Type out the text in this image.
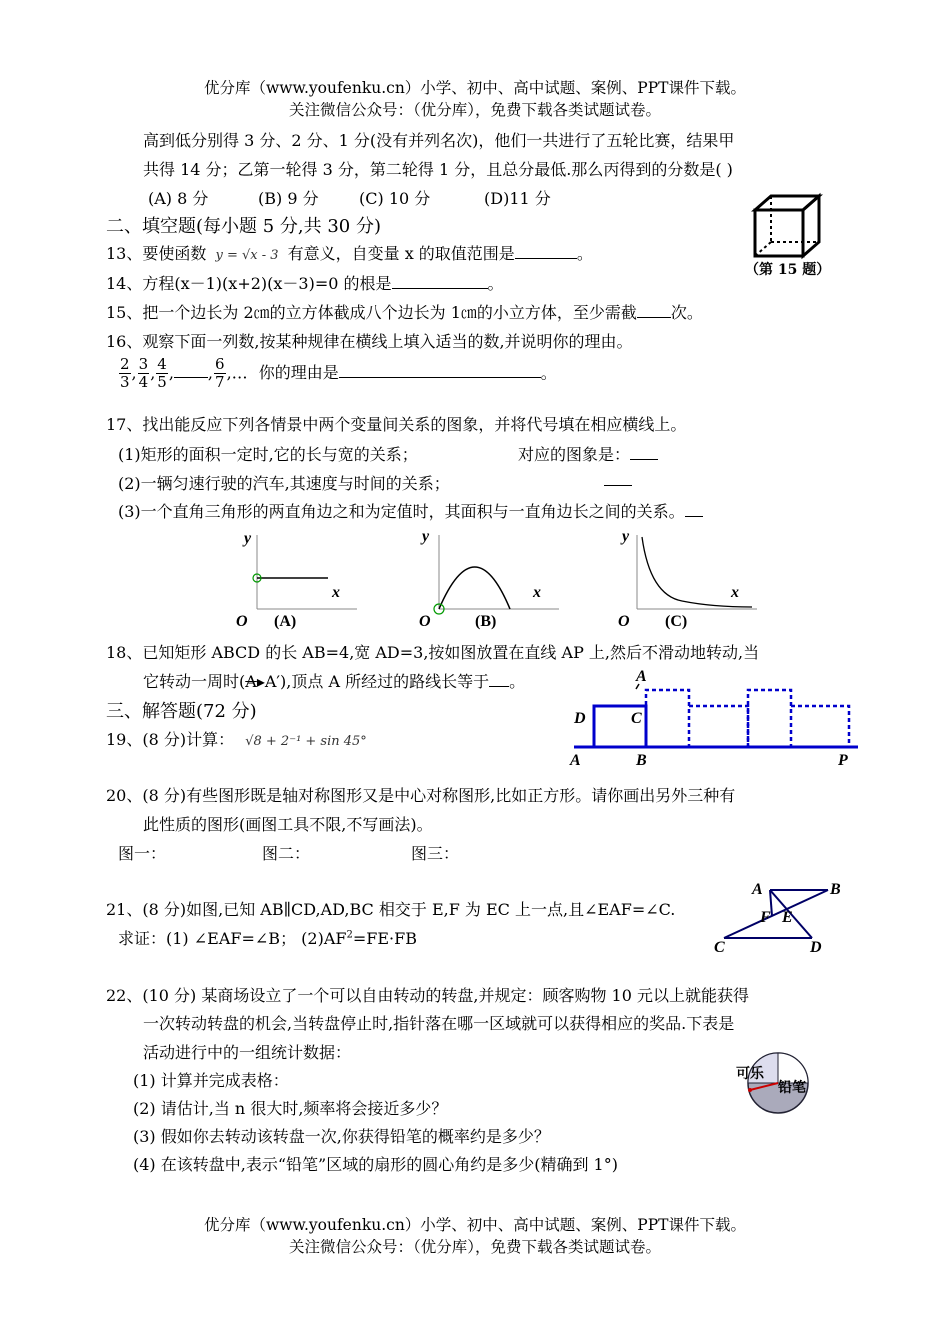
优分库（www.youfenku.cn）小学、初中、高中试题、案例、PPT课件下载。
关注微信公众号：（优分库），免费下载各类试题试卷。
高到低分别得 3 分、2 分、1 分(没有并列名次)，他们一共进行了五轮比赛，结果甲
共得 14 分；乙第一轮得 3 分，第二轮得 1 分，且总分最低.那么丙得到的分数是( )
(A) 8 分	(B) 9 分	(C) 10 分	(D)11 分
二、填空题(每小题 5 分,共 30 分)
（第 15 题）
13、要使函数 y = √x - 3 有意义，自变量 x 的取值范围是	。
14、方程(x－1)(x+2)(x－3)=0 的根是	。
15、把一个边长为 2㎝的立方体截成八个边长为 1㎝的小立方体，至少需截 次。
16、观察下面一列数,按某种规律在横线上填入适当的数,并说明你的理由。
$\frac{2}{3}$ , $\frac{3}{4}$ , $\frac{4}{5}$ , , $\frac{6}{7}$ ,… 你的理由是	。
17、找出能反应下列各情景中两个变量间关系的图象，并将代号填在相应横线上。
(1)矩形的面积一定时,它的长与宽的关系；	对应的图象是：
(2)一辆匀速行驶的汽车,其速度与时间的关系；
(3)一个直角三角形的两直角边之和为定值时，其面积与一直角边长之间的关系。
y
x
O (A)
y
x
O	(B)
y
x
O (C)
18、已知矩形 ABCD 的长 AB=4,宽 AD=3,按如图放置在直线 AP 上,然后不滑动地转动,当
它转动一周时(A▸A′),顶点 A 所经过的路线长等于 。	A
D	C
A	B	P
三、解答题(72 分)
19、(8 分)计算： √8 + 2⁻¹ + sin 45°
20、(8 分)有些图形既是轴对称图形又是中心对称图形,比如正方形。请你画出另外三种有
此性质的图形(画图工具不限,不写画法)。
图一：	图二：	图三：
21、(8 分)如图,已知 AB∥CD,AD,BC 相交于 E,F 为 EC 上一点,且∠EAF=∠C.
求证：(1) ∠EAF=∠B； $(2)AF^2=FE\cdot FB$
A	B
C	D
E
F
22、(10 分) 某商场设立了一个可以自由转动的转盘,并规定：顾客购物 10 元以上就能获得
一次转动转盘的机会,当转盘停止时,指针落在哪一区域就可以获得相应的奖品.下表是
活动进行中的一组统计数据：
(1) 计算并完成表格：
(2) 请估计,当 n 很大时,频率将会接近多少？
(3) 假如你去转动该转盘一次,你获得铅笔的概率约是多少？
(4) 在该转盘中,表示“铅笔”区域的扇形的圆心角约是多少(精确到 1°)
可乐
铅笔
优分库（www.youfenku.cn）小学、初中、高中试题、案例、PPT课件下载。
关注微信公众号：（优分库），免费下载各类试题试卷。
